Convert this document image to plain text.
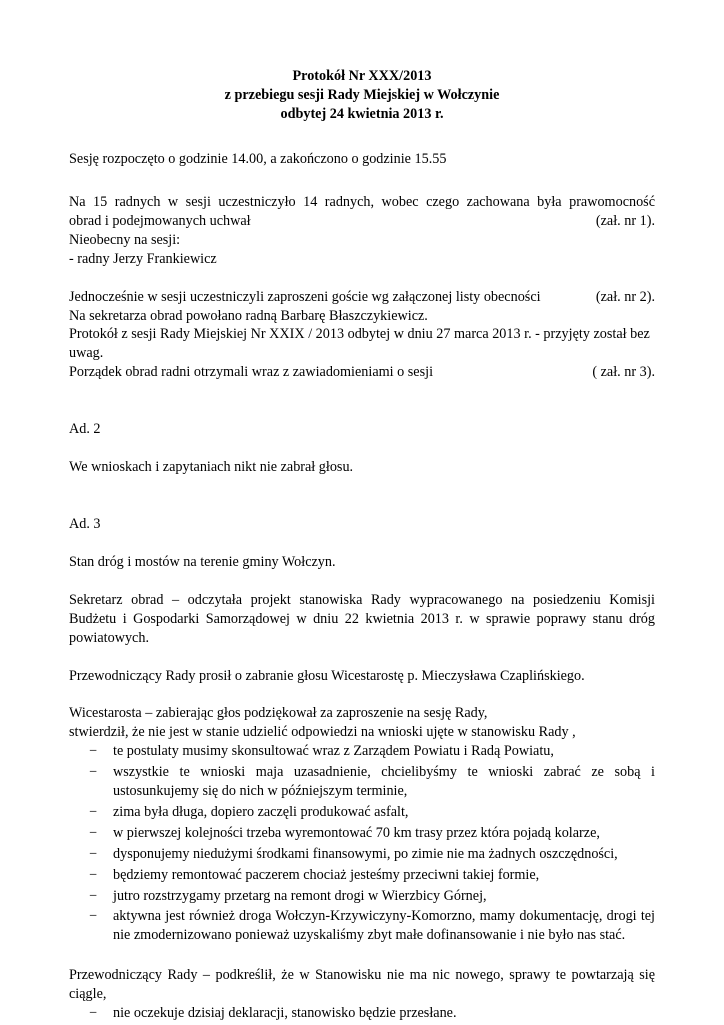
Protokół Nr XXX/2013
z przebiegu sesji Rady Miejskiej w Wołczynie
odbytej 24 kwietnia 2013 r.

Sesję rozpoczęto o godzinie 14.00, a zakończono o godzinie 15.55

Na 15 radnych w sesji uczestniczyło 14 radnych, wobec czego zachowana była prawomocność

obrad i podejmowanych uchwał	(zał. nr 1).

Nieobecny na sesji:

- radny Jerzy Frankiewicz

Jednocześnie w sesji uczestniczyli zaproszeni goście wg załączonej listy obecności	(zał. nr 2).

Na sekretarza obrad powołano radną Barbarę Błaszczykiewicz.

Protokół z sesji Rady Miejskiej Nr XXIX / 2013 odbytej w dniu 27 marca 2013 r. - przyjęty został bez uwag.

Porządek obrad radni otrzymali wraz z zawiadomieniami o sesji	( zał. nr 3).

Ad. 2

We wnioskach i zapytaniach nikt nie zabrał głosu.

Ad. 3

Stan dróg i mostów na terenie gminy Wołczyn.

Sekretarz obrad – odczytała projekt stanowiska Rady wypracowanego na posiedzeniu Komisji Budżetu i Gospodarki Samorządowej w dniu 22 kwietnia 2013 r. w sprawie poprawy stanu dróg powiatowych.

Przewodniczący Rady prosił o zabranie głosu Wicestarostę p. Mieczysława Czaplińskiego.

Wicestarosta – zabierając głos podziękował za zaproszenie na sesję Rady,

stwierdził, że nie jest w stanie udzielić odpowiedzi na wnioski ujęte w stanowisku Rady ,

− te postulaty musimy skonsultować wraz z Zarządem Powiatu i Radą Powiatu,
− wszystkie te wnioski maja uzasadnienie, chcielibyśmy te wnioski zabrać ze sobą i ustosunkujemy się do nich w późniejszym terminie,
− zima była długa, dopiero zaczęli produkować asfalt,
− w pierwszej kolejności trzeba wyremontować 70 km trasy przez która pojadą kolarze,
− dysponujemy niedużymi środkami finansowymi, po zimie nie ma żadnych oszczędności,
− będziemy remontować paczerem chociaż jesteśmy przeciwni takiej formie,
− jutro rozstrzygamy przetarg na remont drogi w Wierzbicy Górnej,
− aktywna jest również droga Wołczyn-Krzywiczyny-Komorzno, mamy dokumentację, drogi tej nie zmodernizowano ponieważ uzyskaliśmy zbyt małe dofinansowanie i nie było nas stać.

Przewodniczący Rady – podkreślił, że w Stanowisku nie ma nic nowego, sprawy te powtarzają się ciągle,

− nie oczekuje dzisiaj deklaracji, stanowisko będzie przesłane.
